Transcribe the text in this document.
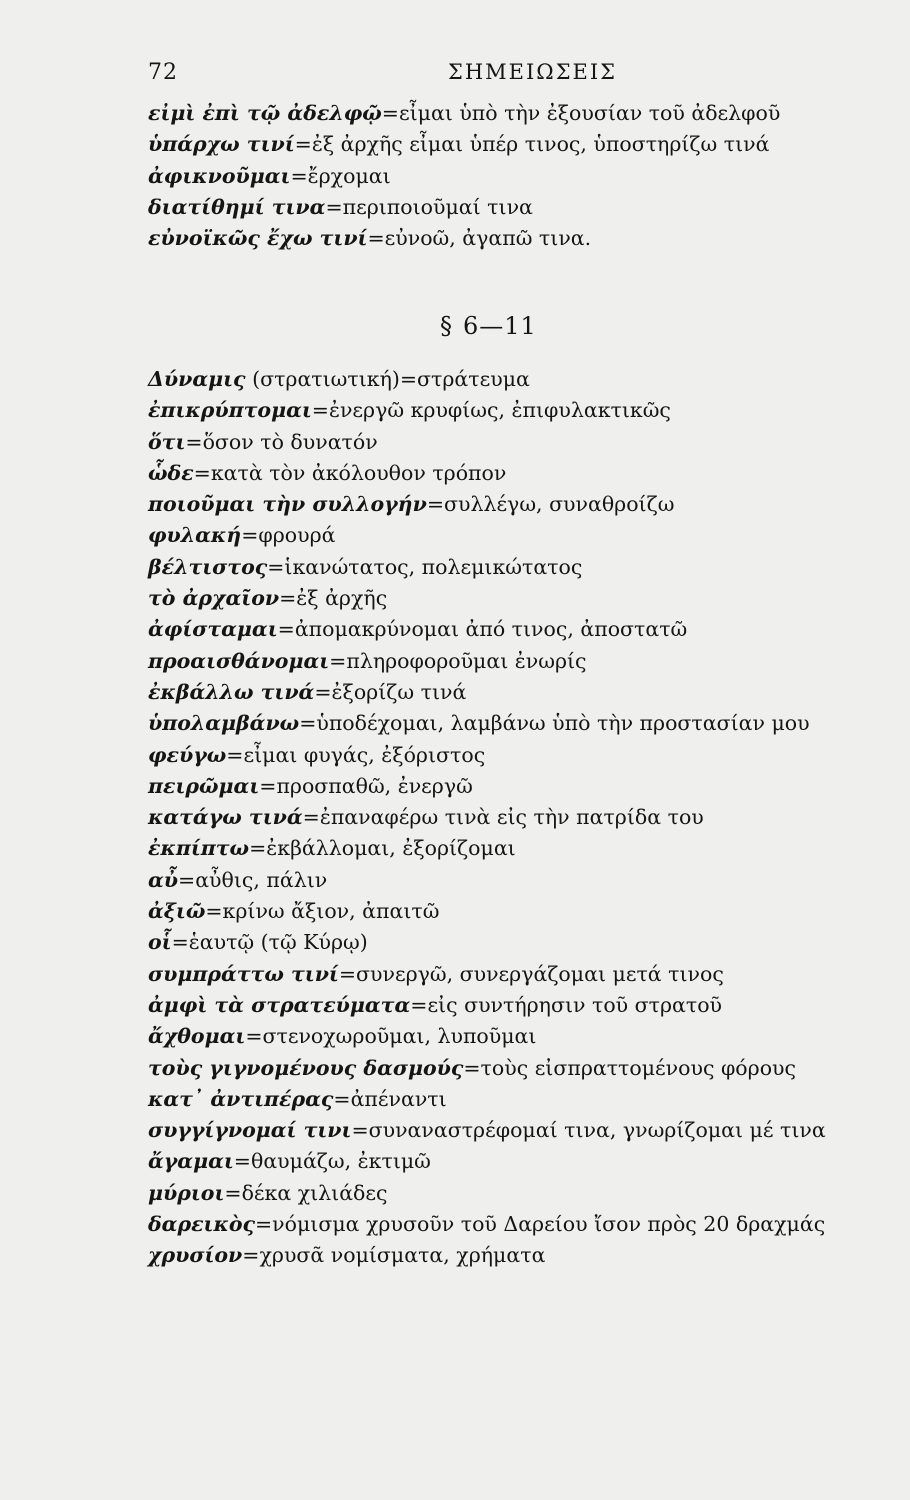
72	ΣΗΜΕΙΩΣΕΙΣ
εἰμὶ ἐπὶ τῷ ἀδελφῷ=εἶμαι ὑπὸ τὴν ἐξουσίαν τοῦ ἀδελφοῦ
ὑπάρχω τινί=ἐξ ἀρχῆς εἶμαι ὑπέρ τινος, ὑποστηρίζω τινά
ἀφικνοῦμαι=ἔρχομαι
διατίθημί τινα=περιποιοῦμαί τινα
εὐνοϊκῶς ἔχω τινί=εὐνοῶ, ἀγαπῶ τινα.
§ 6—11
Δύναμις (στρατιωτική)=στράτευμα
ἐπικρύπτομαι=ἐνεργῶ κρυφίως, ἐπιφυλακτικῶς
ὅτι=ὅσον τὸ δυνατόν
ὧδε=κατὰ τὸν ἀκόλουθον τρόπον
ποιοῦμαι τὴν συλλογήν=συλλέγω, συναθροίζω
φυλακή=φρουρά
βέλτιστος=ἱκανώτατος, πολεμικώτατος
τὸ ἀρχαῖον=ἐξ ἀρχῆς
ἀφίσταμαι=ἀπομακρύνομαι ἀπό τινος, ἀποστατῶ
προαισθάνομαι=πληροφοροῦμαι ἐνωρίς
ἐκβάλλω τινά=ἐξορίζω τινά
ὑπολαμβάνω=ὑποδέχομαι, λαμβάνω ὑπὸ τὴν προστασίαν μου
φεύγω=εἶμαι φυγάς, ἐξόριστος
πειρῶμαι=προσπαθῶ, ἐνεργῶ
κατάγω τινά=ἐπαναφέρω τινὰ εἰς τὴν πατρίδα του
ἐκπίπτω=ἐκβάλλομαι, ἐξορίζομαι
αὖ=αὖθις, πάλιν
ἀξιῶ=κρίνω ἄξιον, ἀπαιτῶ
οἷ=ἑαυτῷ (τῷ Κύρῳ)
συμπράττω τινί=συνεργῶ, συνεργάζομαι μετά τινος
ἀμφὶ τὰ στρατεύματα=εἰς συντήρησιν τοῦ στρατοῦ
ἄχθομαι=στενοχωροῦμαι, λυποῦμαι
τοὺς γιγνομένους δασμούς=τοὺς εἰσπραττομένους φόρους
κατ᾽ ἀντιπέρας=ἀπέναντι
συγγίγνομαί τινι=συναναστρέφομαί τινα, γνωρίζομαι μέ τινα
ἄγαμαι=θαυμάζω, ἐκτιμῶ
μύριοι=δέκα χιλιάδες
δαρεικὸς=νόμισμα χρυσοῦν τοῦ Δαρείου ἴσον πρὸς 20 δραχμάς
χρυσίον=χρυσᾶ νομίσματα, χρήματα
